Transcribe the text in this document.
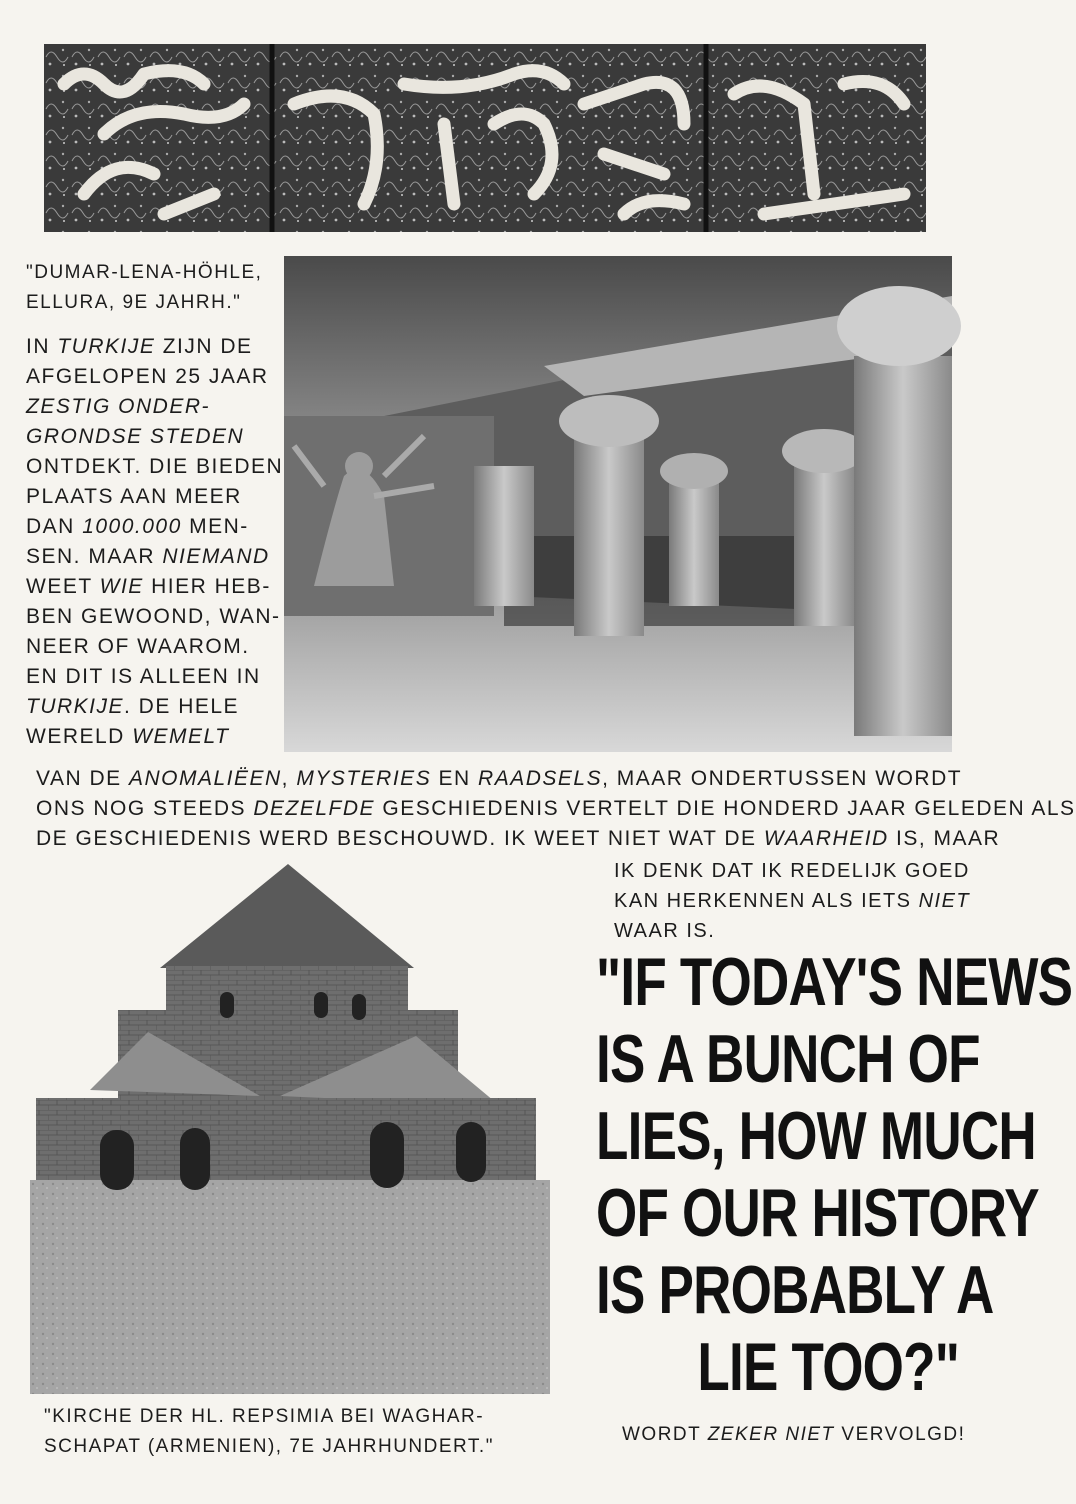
"DUMAR-LENA-HÖHLE, ELLURA, 9E JAHRH."
IN TURKIJE ZIJN DE
AFGELOPEN 25 JAAR
ZESTIG ONDER-
GRONDSE STEDEN
ONTDEKT. DIE BIEDEN
PLAATS AAN MEER
DAN 1000.000 MEN-
SEN. MAAR NIEMAND
WEET WIE HIER HEB-
BEN GEWOOND, WAN-
NEER OF WAAROM.
EN DIT IS ALLEEN IN
TURKIJE. DE HELE
WERELD WEMELT
VAN DE ANOMALIËEN, MYSTERIES EN RAADSELS, MAAR ONDERTUSSEN WORDT
ONS NOG STEEDS DEZELFDE GESCHIEDENIS VERTELT DIE HONDERD JAAR GELEDEN ALS
DE GESCHIEDENIS WERD BESCHOUWD. IK WEET NIET WAT DE WAARHEID IS, MAAR
IK DENK DAT IK REDELIJK GOED
KAN HERKENNEN ALS IETS NIET
WAAR IS.
"IF TODAY'S NEWS
IS A BUNCH OF
LIES, HOW MUCH
OF OUR HISTORY
IS PROBABLY A
LIE TOO?"
"KIRCHE DER HL. REPSIMIA BEI WAGHAR-
SCHAPAT (ARMENIEN), 7E JAHRHUNDERT."
WORDT ZEKER NIET VERVOLGD!
